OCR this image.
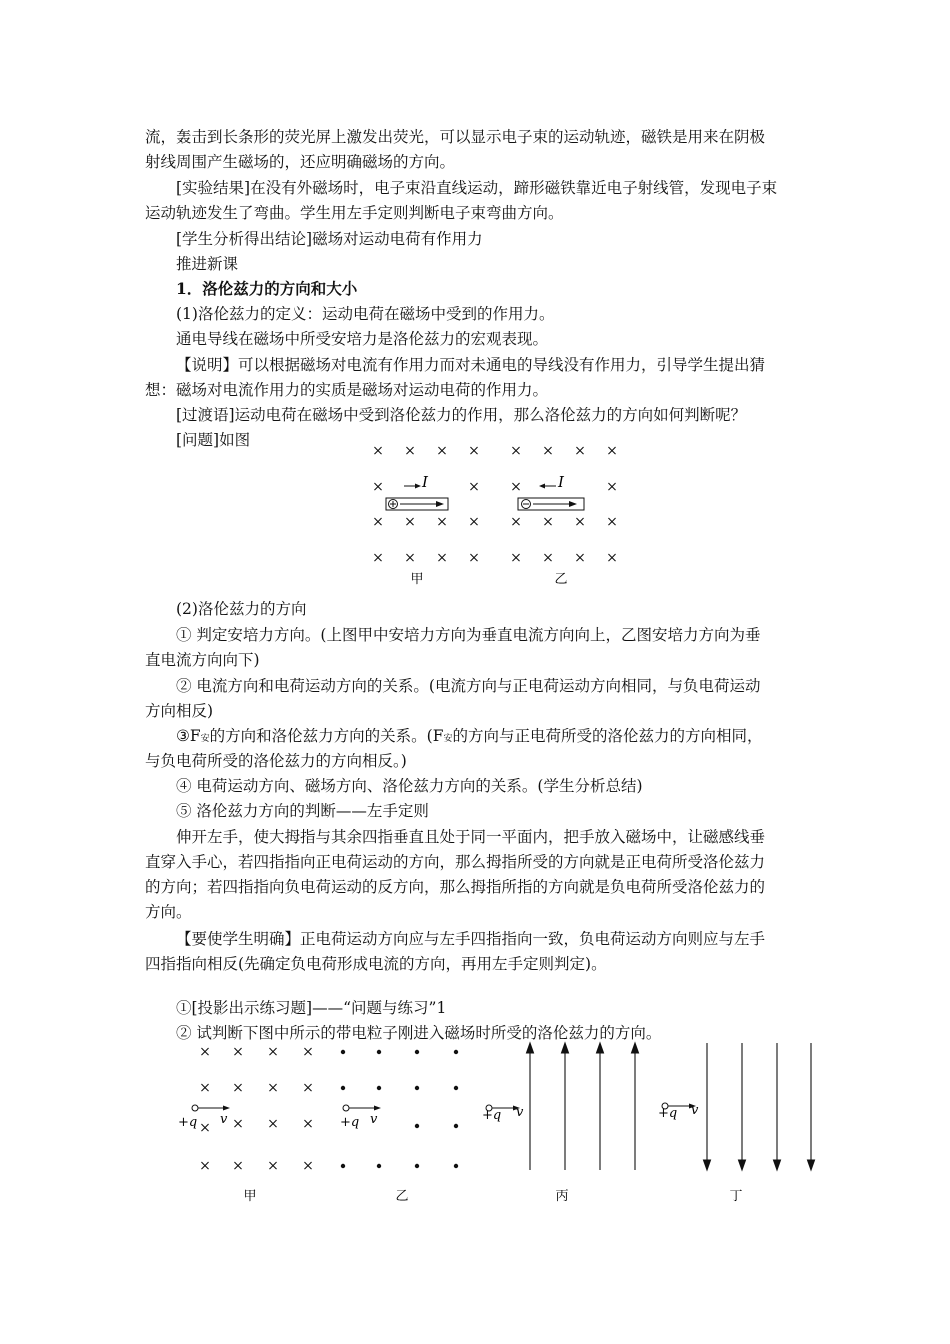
流，轰击到长条形的荧光屏上激发出荧光，可以显示电子束的运动轨迹，磁铁是用来在阴极
射线周围产生磁场的，还应明确磁场的方向。
[实验结果]在没有外磁场时，电子束沿直线运动，蹄形磁铁靠近电子射线管，发现电子束
运动轨迹发生了弯曲。学生用左手定则判断电子束弯曲方向。
[学生分析得出结论]磁场对运动电荷有作用力
推进新课
1．洛伦兹力的方向和大小
(1)洛伦兹力的定义：运动电荷在磁场中受到的作用力。
通电导线在磁场中所受安培力是洛伦兹力的宏观表现。
【说明】可以根据磁场对电流有作用力而对未通电的导线没有作用力，引导学生提出猜
想：磁场对电流作用力的实质是磁场对运动电荷的作用力。
[过渡语]运动电荷在磁场中受到洛伦兹力的作用，那么洛伦兹力的方向如何判断呢？
[问题]如图
× × × ×
×	×
× × × ×
× × × ×
× × × ×
×	×
× × × ×
× × × ×
I	I
甲	乙
(2)洛伦兹力的方向
① 判定安培力方向。(上图甲中安培力方向为垂直电流方向向上，乙图安培力方向为垂
直电流方向向下)
② 电流方向和电荷运动方向的关系。(电流方向与正电荷运动方向相同，与负电荷运动
方向相反)
③F安的方向和洛伦兹力方向的关系。(F安的方向与正电荷所受的洛伦兹力的方向相同，
与负电荷所受的洛伦兹力的方向相反。)
④ 电荷运动方向、磁场方向、洛伦兹力方向的关系。(学生分析总结)
⑤ 洛伦兹力方向的判断——左手定则
伸开左手，使大拇指与其余四指垂直且处于同一平面内，把手放入磁场中，让磁感线垂
直穿入手心，若四指指向正电荷运动的方向，那么拇指所受的方向就是正电荷所受洛伦兹力
的方向；若四指指向负电荷运动的反方向，那么拇指所指的方向就是负电荷所受洛伦兹力的
方向。
【要使学生明确】正电荷运动方向应与左手四指指向一致，负电荷运动方向则应与左手
四指指向相反(先确定负电荷形成电流的方向，再用左手定则判定)。
①[投影出示练习题]——“问题与练习”1
② 试判断下图中所示的带电粒子刚进入磁场时所受的洛伦兹力的方向。
× × × ×
× × × ×
× × ×
×
× × × ×
+q v	+q v	+q v	+q v
甲	乙	丙	丁
